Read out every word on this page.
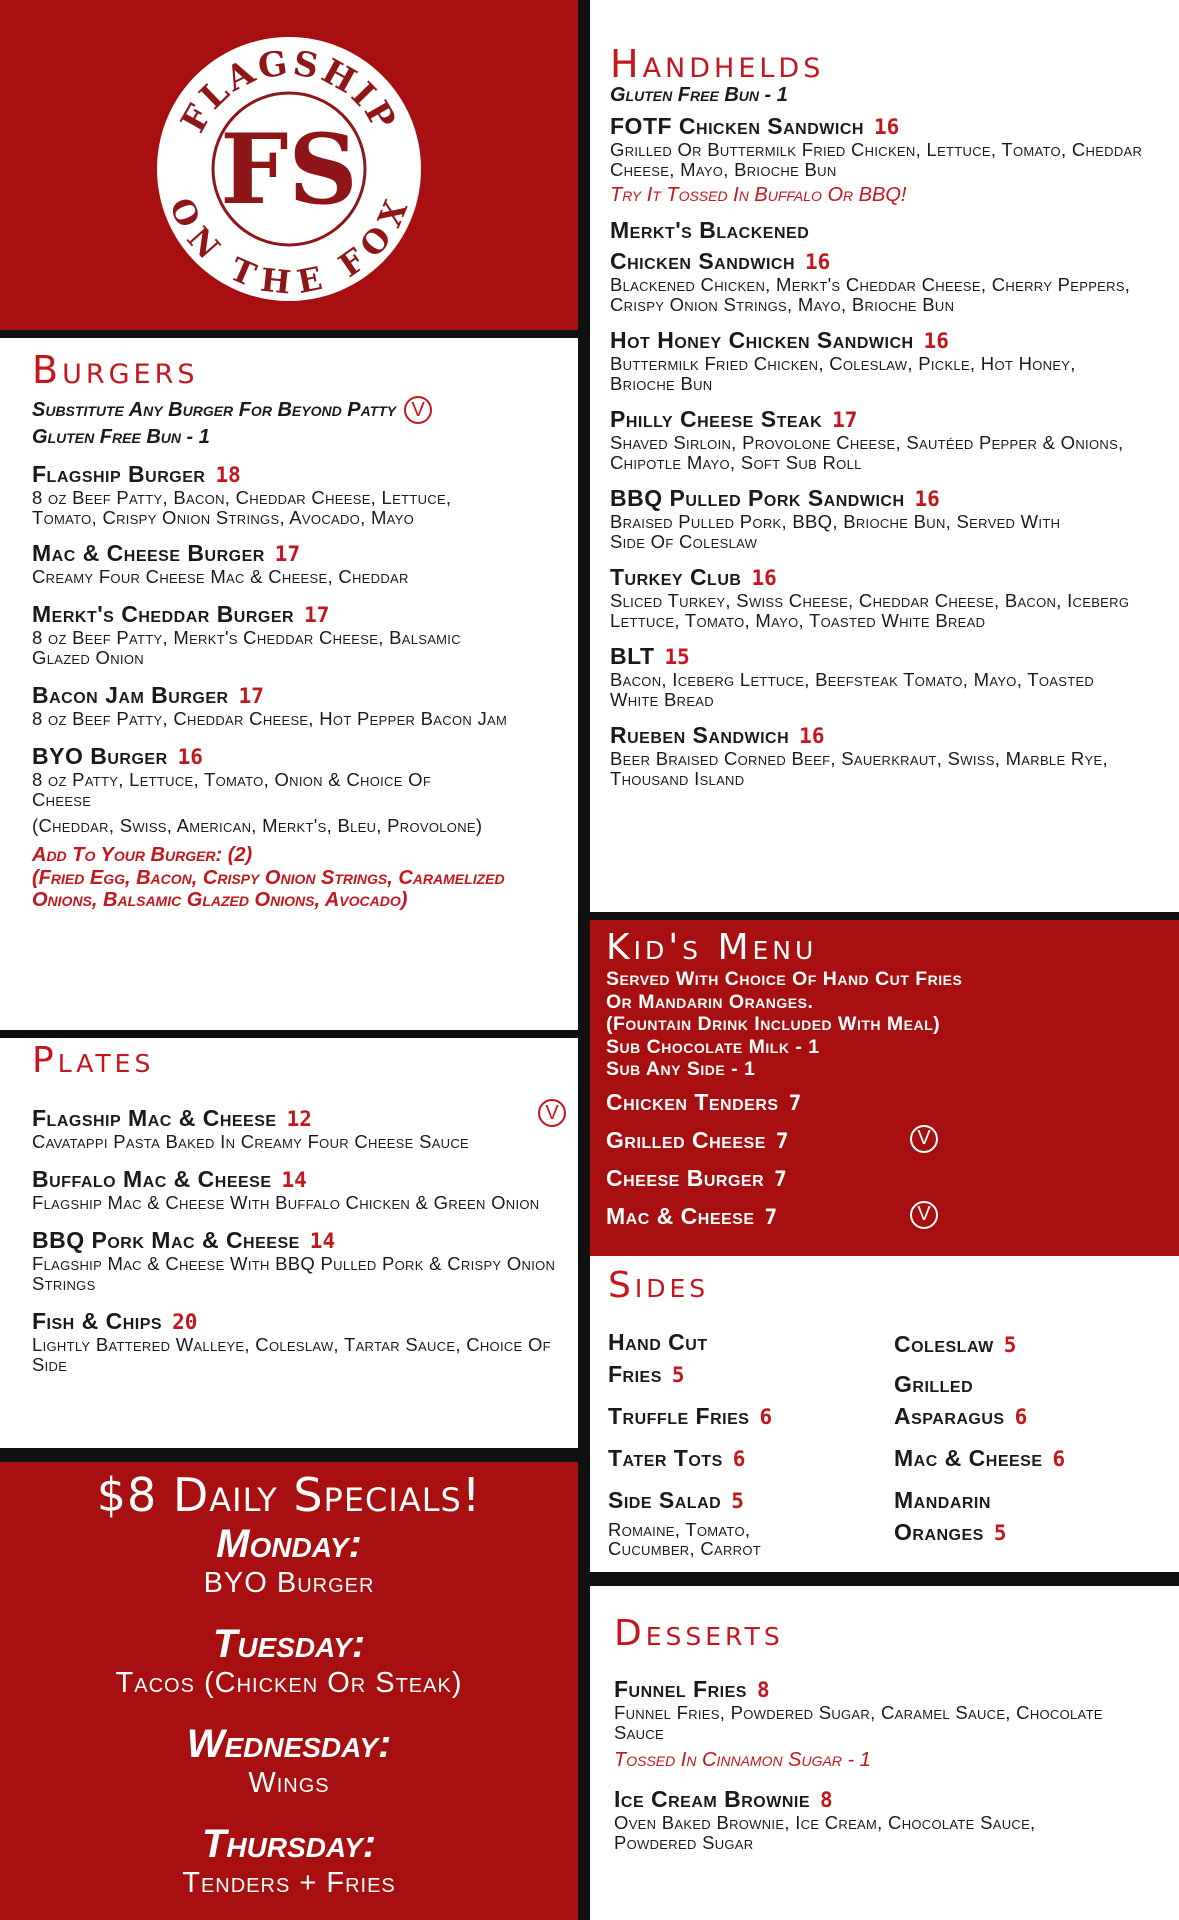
FLAGSHIP
ON THE FOX
FS
Burgers
Substitute Any Burger For Beyond Patty V
Gluten Free Bun - 1
Flagship Burger 18
8 oz Beef Patty, Bacon, Cheddar Cheese, Lettuce, Tomato, Crispy Onion Strings, Avocado, Mayo
Mac & Cheese Burger 17
Creamy Four Cheese Mac & Cheese, Cheddar
Merkt's Cheddar Burger 17
8 oz Beef Patty, Merkt's Cheddar Cheese, Balsamic Glazed Onion
Bacon Jam Burger 17
8 oz Beef Patty, Cheddar Cheese, Hot Pepper Bacon Jam
BYO Burger 16
8 oz Patty, Lettuce, Tomato, Onion & Choice Of Cheese
(Cheddar, Swiss, American, Merkt's, Bleu, Provolone)
Add To Your Burger: (2)
(Fried Egg, Bacon, Crispy Onion Strings, Caramelized Onions, Balsamic Glazed Onions, Avocado)
Plates
Flagship Mac & Cheese 12	V
Cavatappi Pasta Baked In Creamy Four Cheese Sauce
Buffalo Mac & Cheese 14
Flagship Mac & Cheese With Buffalo Chicken & Green Onion
BBQ Pork Mac & Cheese 14
Flagship Mac & Cheese With BBQ Pulled Pork & Crispy Onion Strings
Fish & Chips 20
Lightly Battered Walleye, Coleslaw, Tartar Sauce, Choice Of Side
$8 Daily Specials!
Monday:
BYO Burger
Tuesday:
Tacos (Chicken Or Steak)
Wednesday:
Wings
Thursday:
Tenders + Fries
Handhelds
Gluten Free Bun - 1
FOTF Chicken Sandwich 16
Grilled Or Buttermilk Fried Chicken, Lettuce, Tomato, Cheddar Cheese, Mayo, Brioche Bun
Try It Tossed In Buffalo Or BBQ!
Merkt's Blackened
Chicken Sandwich 16
Blackened Chicken, Merkt's Cheddar Cheese, Cherry Peppers, Crispy Onion Strings, Mayo, Brioche Bun
Hot Honey Chicken Sandwich 16
Buttermilk Fried Chicken, Coleslaw, Pickle, Hot Honey, Brioche Bun
Philly Cheese Steak 17
Shaved Sirloin, Provolone Cheese, Sautéed Pepper & Onions, Chipotle Mayo, Soft Sub Roll
BBQ Pulled Pork Sandwich 16
Braised Pulled Pork, BBQ, Brioche Bun, Served With Side Of Coleslaw
Turkey Club 16
Sliced Turkey, Swiss Cheese, Cheddar Cheese, Bacon, Iceberg Lettuce, Tomato, Mayo, Toasted White Bread
BLT 15
Bacon, Iceberg Lettuce, Beefsteak Tomato, Mayo, Toasted White Bread
Rueben Sandwich 16
Beer Braised Corned Beef, Sauerkraut, Swiss, Marble Rye, Thousand Island
Kid's Menu
Served With Choice Of Hand Cut Fries
Or Mandarin Oranges.
(Fountain Drink Included With Meal)
Sub Chocolate Milk - 1
Sub Any Side - 1
Chicken Tenders 7
Grilled Cheese 7	V
Cheese Burger 7
Mac & Cheese 7	V
Sides
Hand Cut
Fries 5
Truffle Fries 6
Tater Tots 6
Side Salad 5
Romaine, Tomato, Cucumber, Carrot
Coleslaw 5
Grilled
Asparagus 6
Mac & Cheese 6
Mandarin
Oranges 5
Desserts
Funnel Fries 8
Funnel Fries, Powdered Sugar, Caramel Sauce, Chocolate Sauce
Tossed In Cinnamon Sugar - 1
Ice Cream Brownie 8
Oven Baked Brownie, Ice Cream, Chocolate Sauce, Powdered Sugar
